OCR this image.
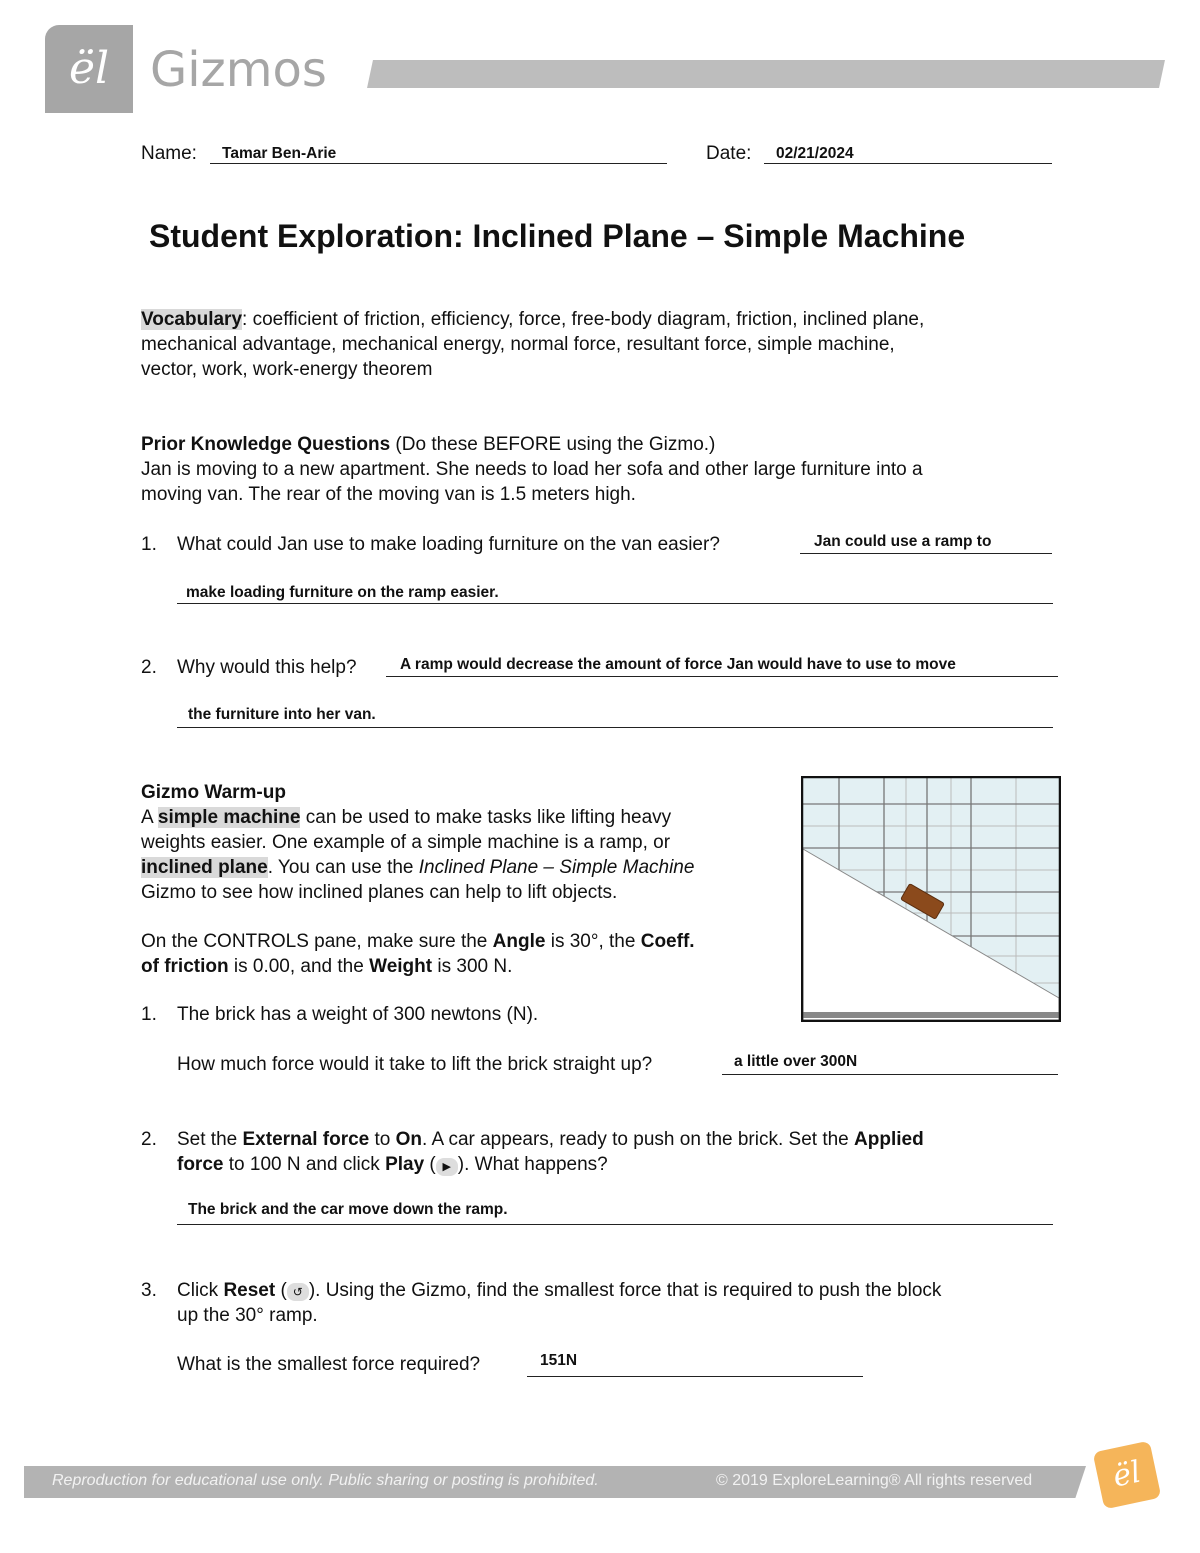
ël Gizmos
Name: Tamar Ben-Arie	Date: 02/21/2024
Student Exploration: Inclined Plane – Simple Machine
Vocabulary: coefficient of friction, efficiency, force, free-body diagram, friction, inclined plane,
mechanical advantage, mechanical energy, normal force, resultant force, simple machine,
vector, work, work-energy theorem
Prior Knowledge Questions (Do these BEFORE using the Gizmo.)
Jan is moving to a new apartment. She needs to load her sofa and other large furniture into a
moving van. The rear of the moving van is 1.5 meters high.
1. What could Jan use to make loading furniture on the van easier?	Jan could use a ramp to
make loading furniture on the ramp easier.
2. Why would this help?	A ramp would decrease the amount of force Jan would have to use to move
the furniture into her van.
Gizmo Warm-up
A simple machine can be used to make tasks like lifting heavy
weights easier. One example of a simple machine is a ramp, or
inclined plane. You can use the Inclined Plane – Simple Machine
Gizmo to see how inclined planes can help to lift objects.
On the CONTROLS pane, make sure the Angle is 30°, the Coeff.
of friction is 0.00, and the Weight is 300 N.
1. The brick has a weight of 300 newtons (N).
How much force would it take to lift the brick straight up?	a little over 300N
Set the External force to On. A car appears, ready to push on the brick. Set the Applied
force to 100 N and click Play ( ▶ ). What happens?
2.
The brick and the car move down the ramp.
3. Click Reset ( ↺ ). Using the Gizmo, find the smallest force that is required to push the block
up the 30° ramp.
What is the smallest force required?	151N
Reproduction for educational use only. Public sharing or posting is prohibited.	© 2019 ExploreLearning® All rights reserved	ël
